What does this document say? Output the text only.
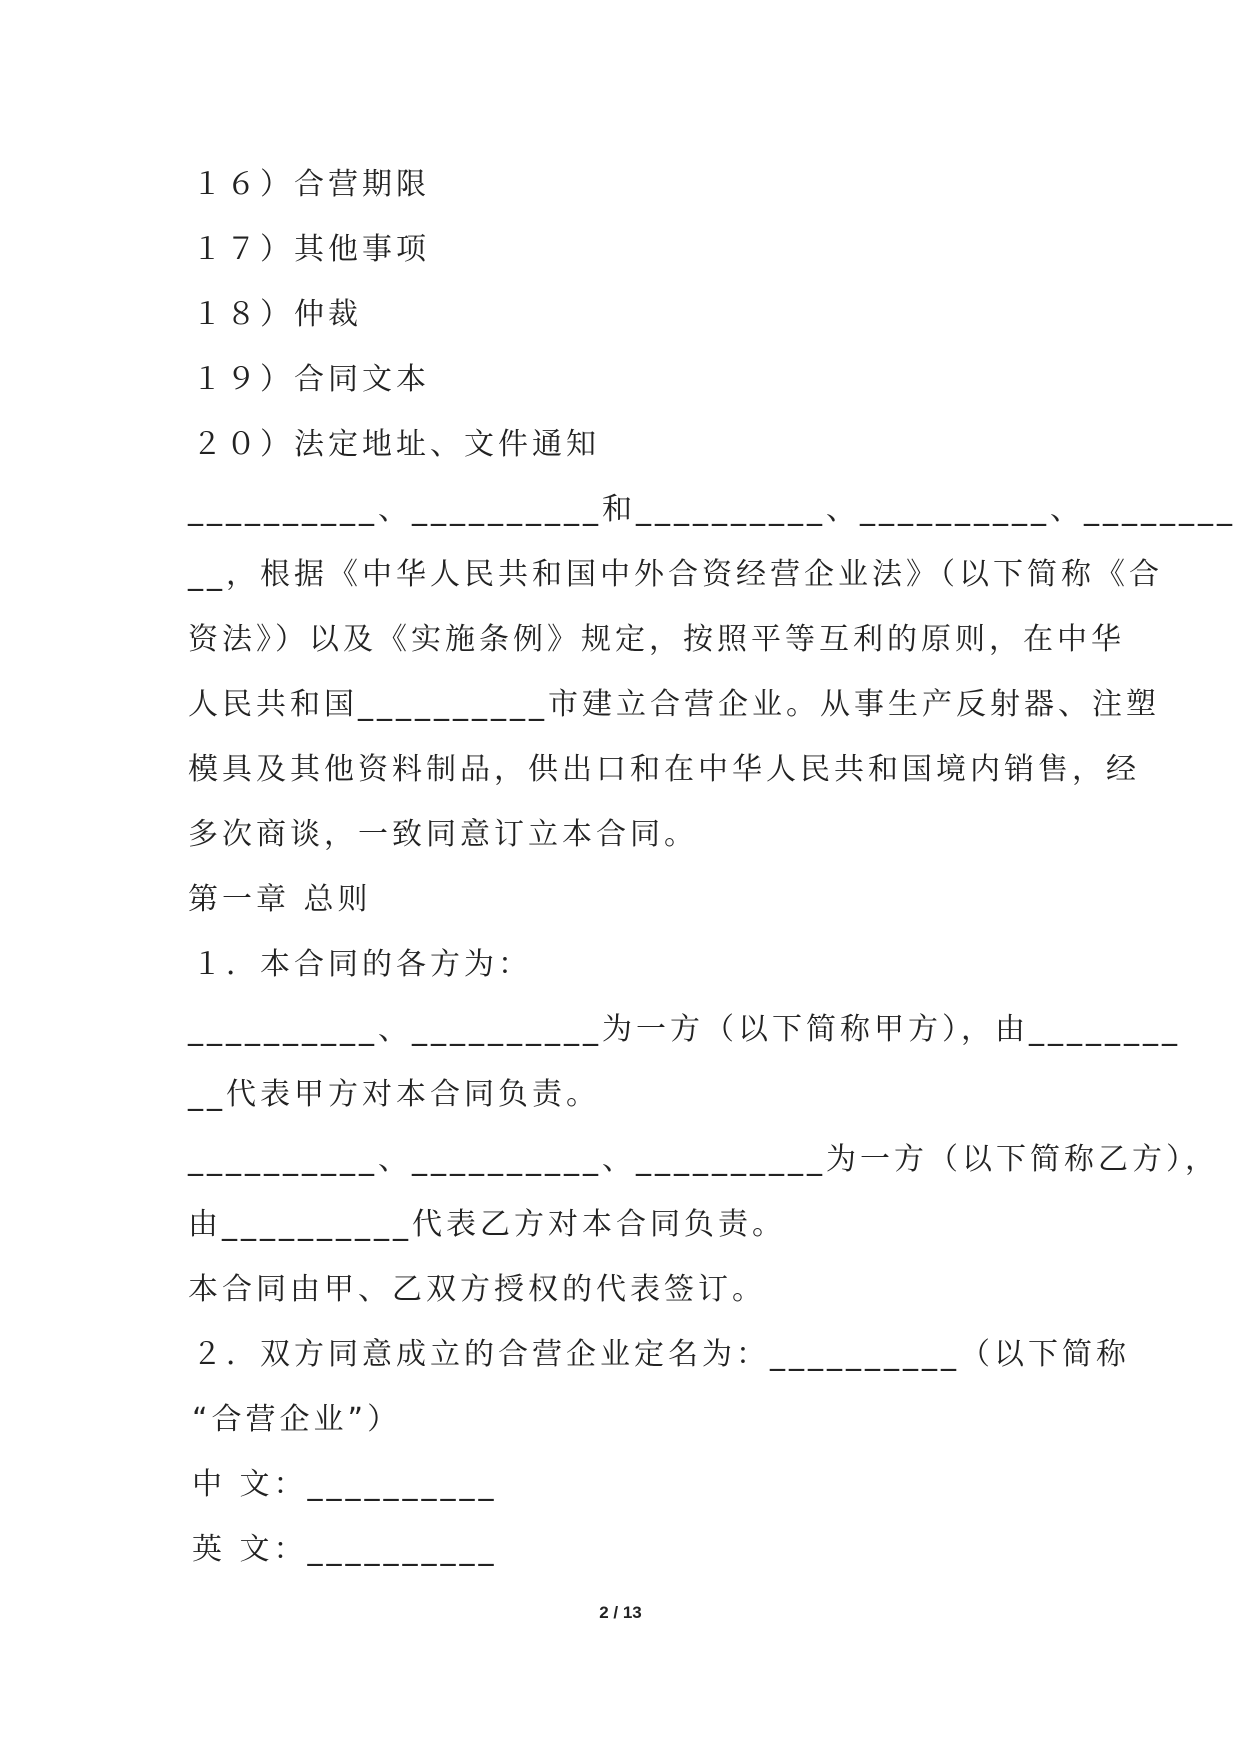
１６）合营期限
１７）其他事项
１８）仲裁
１９）合同文本
２０）法定地址、文件通知
__________、__________和__________、__________、________
__，根据《中华人民共和国中外合资经营企业法》（以下简称《合
资法》）以及《实施条例》规定，按照平等互利的原则，在中华
人民共和国__________市建立合营企业。从事生产反射器、注塑
模具及其他资料制品，供出口和在中华人民共和国境内销售，经
多次商谈，一致同意订立本合同。
第一章 总则
１．本合同的各方为：
__________、__________为一方（以下简称甲方），由________
__代表甲方对本合同负责。
__________、__________、__________为一方（以下简称乙方），
由__________代表乙方对本合同负责。
本合同由甲、乙双方授权的代表签订。
２．双方同意成立的合营企业定名为：__________（以下简称
“合营企业”）
中 文：__________
英 文：__________
2 / 13
